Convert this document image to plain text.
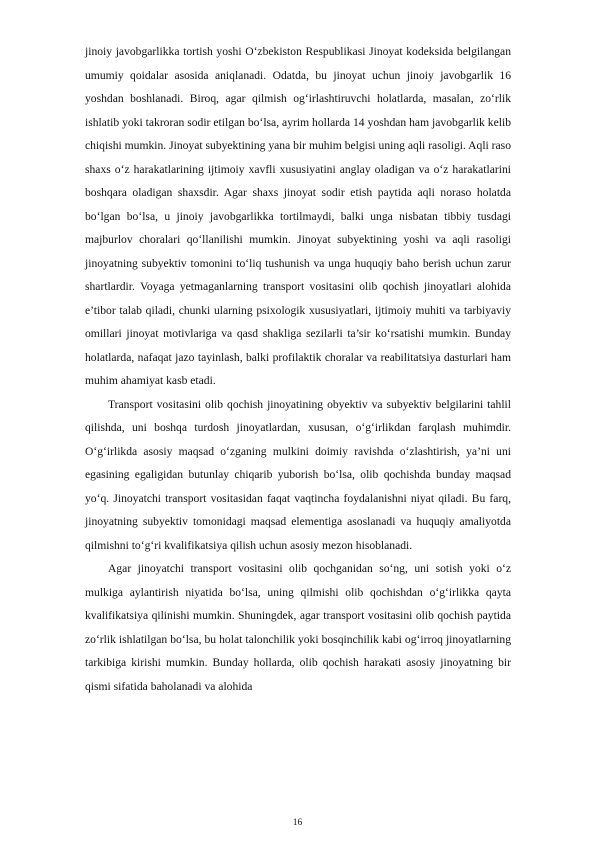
jinoiy javobgarlikka tortish yoshi O‘zbekiston Respublikasi Jinoyat kodeksida belgilangan umumiy qoidalar asosida aniqlanadi. Odatda, bu jinoyat uchun jinoiy javobgarlik 16 yoshdan boshlanadi. Biroq, agar qilmish og‘irlashtiruvchi holatlarda, masalan, zo‘rlik ishlatib yoki takroran sodir etilgan bo‘lsa, ayrim hollarda 14 yoshdan ham javobgarlik kelib chiqishi mumkin. Jinoyat subyektining yana bir muhim belgisi uning aqli rasoligi. Aqli raso shaxs o‘z harakatlarining ijtimoiy xavfli xususiyatini anglay oladigan va o‘z harakatlarini boshqara oladigan shaxsdir. Agar shaxs jinoyat sodir etish paytida aqli noraso holatda bo‘lgan bo‘lsa, u jinoiy javobgarlikka tortilmaydi, balki unga nisbatan tibbiy tusdagi majburlov choralari qo‘llanilishi mumkin. Jinoyat subyektining yoshi va aqli rasoligi jinoyatning subyektiv tomonini to‘liq tushunish va unga huquqiy baho berish uchun zarur shartlardir. Voyaga yetmaganlarning transport vositasini olib qochish jinoyatlari alohida e’tibor talab qiladi, chunki ularning psixologik xususiyatlari, ijtimoiy muhiti va tarbiyaviy omillari jinoyat motivlariga va qasd shakliga sezilarli ta’sir ko‘rsatishi mumkin. Bunday holatlarda, nafaqat jazo tayinlash, balki profilaktik choralar va reabilitatsiya dasturlari ham muhim ahamiyat kasb etadi.

Transport vositasini olib qochish jinoyatining obyektiv va subyektiv belgilarini tahlil qilishda, uni boshqa turdosh jinoyatlardan, xususan, o‘g‘irlikdan farqlash muhimdir. O‘g‘irlikda asosiy maqsad o‘zganing mulkini doimiy ravishda o‘zlashtirish, ya’ni uni egasining egaligidan butunlay chiqarib yuborish bo‘lsa, olib qochishda bunday maqsad yo‘q. Jinoyatchi transport vositasidan faqat vaqtincha foydalanishni niyat qiladi. Bu farq, jinoyatning subyektiv tomonidagi maqsad elementiga asoslanadi va huquqiy amaliyotda qilmishni to‘g‘ri kvalifikatsiya qilish uchun asosiy mezon hisoblanadi.

Agar jinoyatchi transport vositasini olib qochganidan so‘ng, uni sotish yoki o‘z mulkiga aylantirish niyatida bo‘lsa, uning qilmishi olib qochishdan o‘g‘irlikka qayta kvalifikatsiya qilinishi mumkin. Shuningdek, agar transport vositasini olib qochish paytida zo‘rlik ishlatilgan bo‘lsa, bu holat talonchilik yoki bosqinchilik kabi og‘irroq jinoyatlarning tarkibiga kirishi mumkin. Bunday hollarda, olib qochish harakati asosiy jinoyatning bir qismi sifatida baholanadi va alohida

16
